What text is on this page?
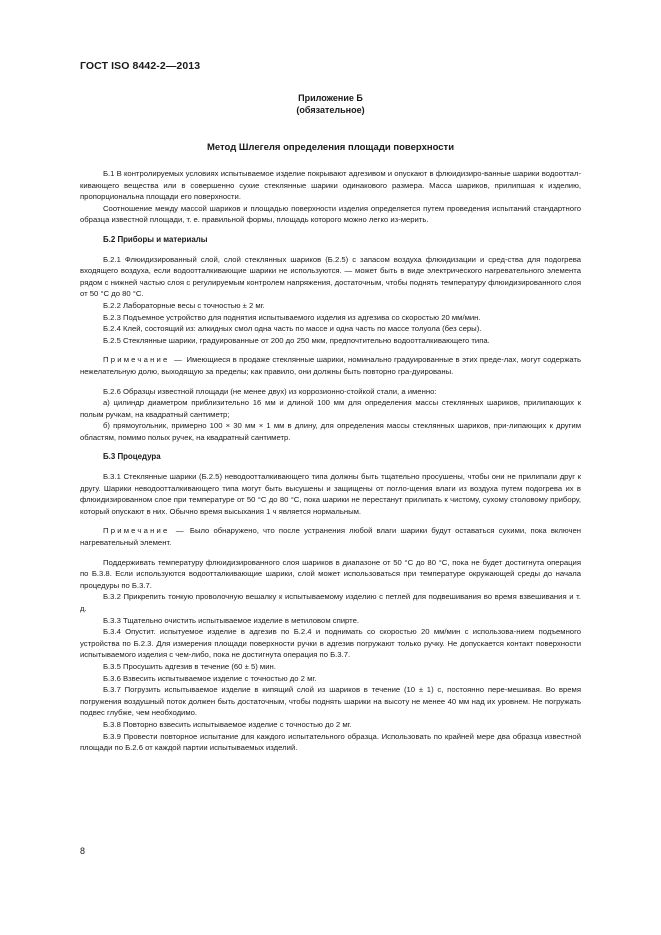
ГОСТ ISO 8442-2—2013
Приложение Б
(обязательное)
Метод Шлегеля определения площади поверхности

Б.1 В контролируемых условиях испытываемое изделие покрывают адгезивом и опускают в флюидизиро-ванные шарики водоотталкивающего вещества или в совершенно сухие стеклянные шарики одинакового размера. Масса шариков, прилипшая к изделию, пропорциональна площади его поверхности.

Соотношение между массой шариков и площадью поверхности изделия определяется путем проведения испытаний стандартного образца известной площади, т. е. правильной формы, площадь которого можно легко из-мерить.

Б.2 Приборы и материалы

Б.2.1 Флюидизированный слой, слой стеклянных шариков (Б.2.5) с запасом воздуха флюидизации и сред-ства для подогрева входящего воздуха, если водоотталкивающие шарики не используются. — может быть в виде электрического нагревательного элемента рядом с нижней частью слоя с регулируемым контролем напряжения, достаточным, чтобы поднять температуру флюидизированного слоя от 50 °C до 80 °C.

Б.2.2 Лабораторные весы с точностью ± 2 мг.

Б.2.3 Подъемное устройство для поднятия испытываемого изделия из адгезива со скоростью 20 мм/мин.

Б.2.4 Клей, состоящий из: алкидных смол одна часть по массе и одна часть по массе толуола (без серы).

Б.2.5 Стеклянные шарики, градуированные от 200 до 250 мкм, предпочтительно водоотталкивающего типа.

Примечание — Имеющиеся в продаже стеклянные шарики, номинально градуированные в этих преде-лах, могут содержать нежелательную долю, выходящую за пределы; как правило, они должны быть повторно гра-дуированы.

Б.2.6 Образцы известной площади (не менее двух) из коррозионно-стойкой стали, а именно:

а) цилиндр диаметром приблизительно 16 мм и длиной 100 мм для определения массы стеклянных шариков, прилипающих к полым ручкам, на квадратный сантиметр;

б) прямоугольник, примерно 100 × 30 мм × 1 мм в длину, для определения массы стеклянных шариков, при-липающих к другим областям, помимо полых ручек, на квадратный сантиметр.

Б.3 Процедура

Б.3.1 Стеклянные шарики (Б.2.5) неводоотталкивающего типа должны быть тщательно просушены, чтобы они не прилипали друг к другу. Шарики неводоотталкивающего типа могут быть высушены и защищены от погло-щения влаги из воздуха путем подогрева их в флюидизированном слое при температуре от 50 °C до 80 °C, пока шарики не перестанут прилипать к чистому, сухому столовому прибору, который опускают в них. Обычно время высыхания 1 ч является нормальным.

Примечание — Было обнаружено, что после устранения любой влаги шарики будут оставаться сухими, пока включен нагревательный элемент.

Поддерживать температуру флюидизированного слоя шариков в диапазоне от 50 °C до 80 °C, пока не будет достигнута операция по Б.3.8. Если используются водоотталкивающие шарики, слой может использоваться при температуре окружающей среды до начала процедуры по Б.3.7.

Б.3.2 Прикрепить тонкую проволочную вешалку к испытываемому изделию с петлей для подвешивания во время взвешивания и т. д.

Б.3.3 Тщательно очистить испытываемое изделие в метиловом спирте.

Б.3.4 Опустит. испытуемое изделие в адгезив по Б.2.4 и поднимать со скоростью 20 мм/мин с использова-нием подъемного устройства по Б.2.3. Для измерения площади поверхности ручки в адгезив погружают только ручку. Не допускается контакт поверхности испытываемого изделия с чем-либо, пока не достигнута операция по Б.3.7.

Б.3.5 Просушить адгезив в течение (60 ± 5) мин.

Б.3.6 Взвесить испытываемое изделие с точностью до 2 мг.

Б.3.7 Погрузить испытываемое изделие в кипящий слой из шариков в течение (10 ± 1) с, постоянно пере-мешивая. Во время погружения воздушный поток должен быть достаточным, чтобы поднять шарики на высоту не менее 40 мм над их уровнем. Не погружать подвес глубже, чем необходимо.

Б.3.8 Повторно взвесить испытываемое изделие с точностью до 2 мг.

Б.3.9 Провести повторное испытание для каждого испытательного образца. Использовать по крайней мере два образца известной площади по Б.2.6 от каждой партии испытываемых изделий.

8
